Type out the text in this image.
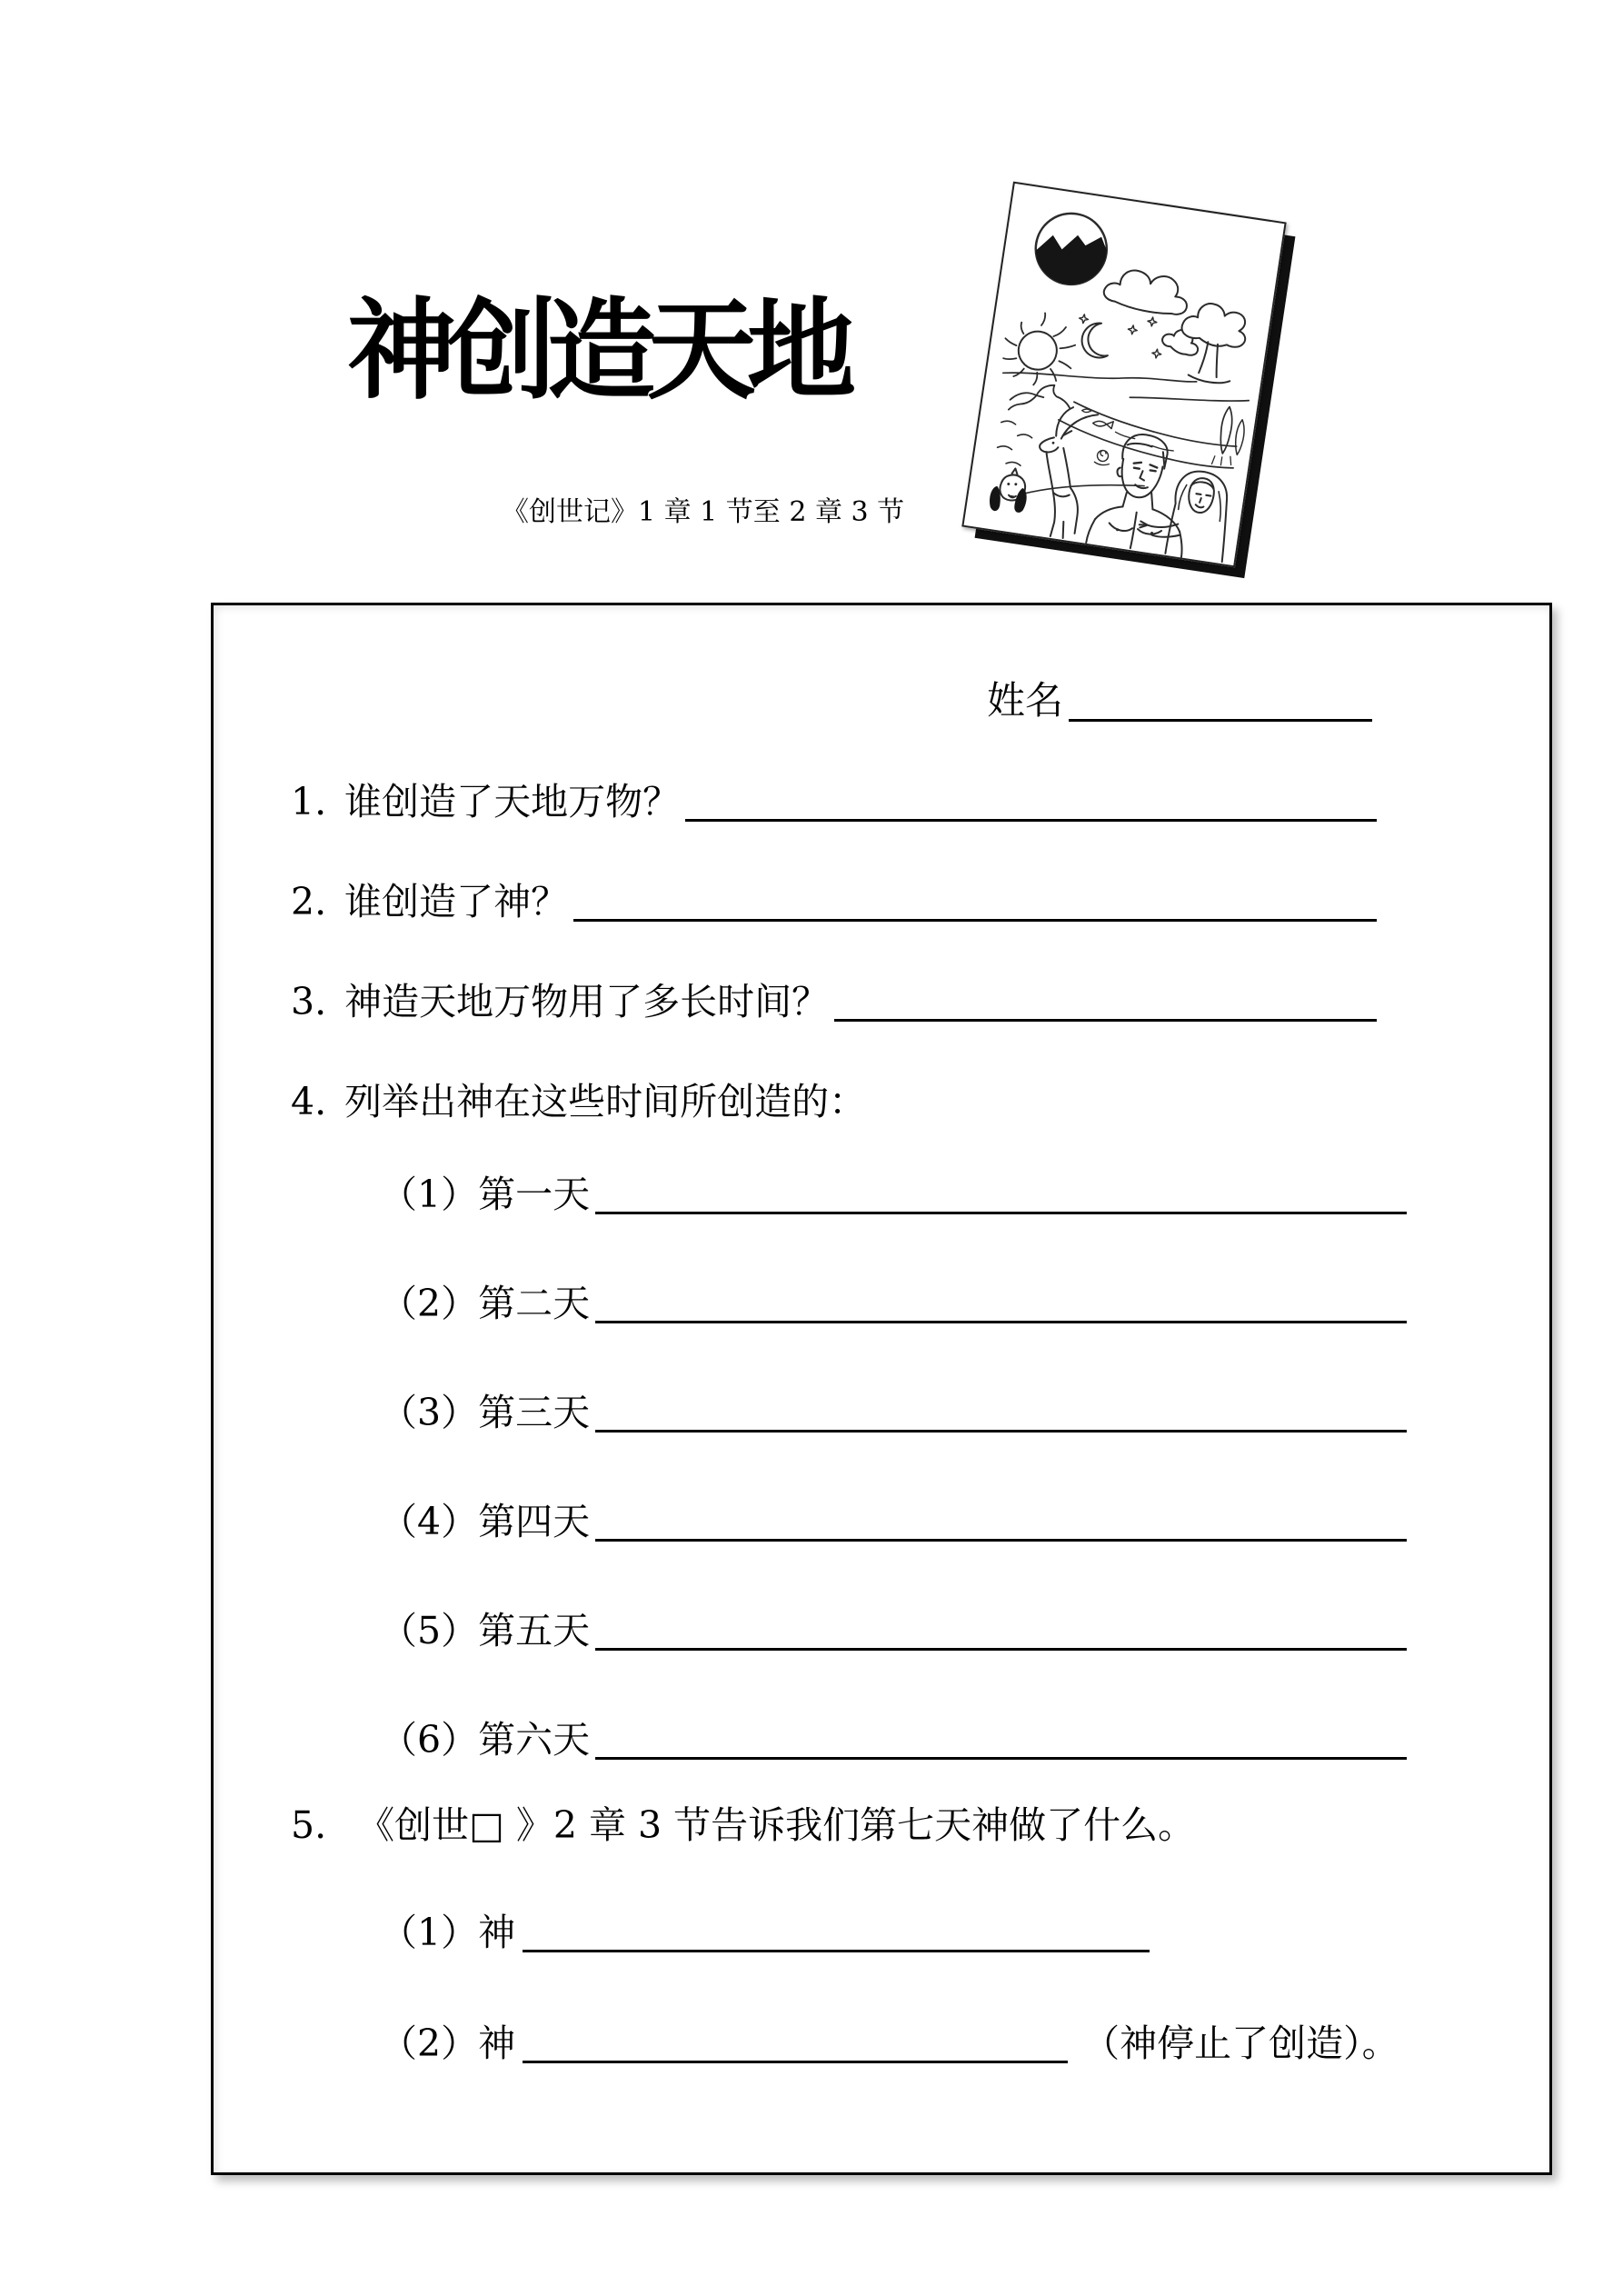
神创造天地
《创世记》1 章 1 节至 2 章 3 节
姓名
1. 谁创造了天地万物？
2. 谁创造了神？
3. 神造天地万物用了多长时间？
4. 列举出神在这些时间所创造的：
（1）第一天
（2）第二天
（3）第三天
（4）第四天
（5）第五天
（6）第六天
5. 《创世□ 》2 章 3 节告诉我们第七天神做了什么。
（1）神
（2）神	（神停止了创造）。
